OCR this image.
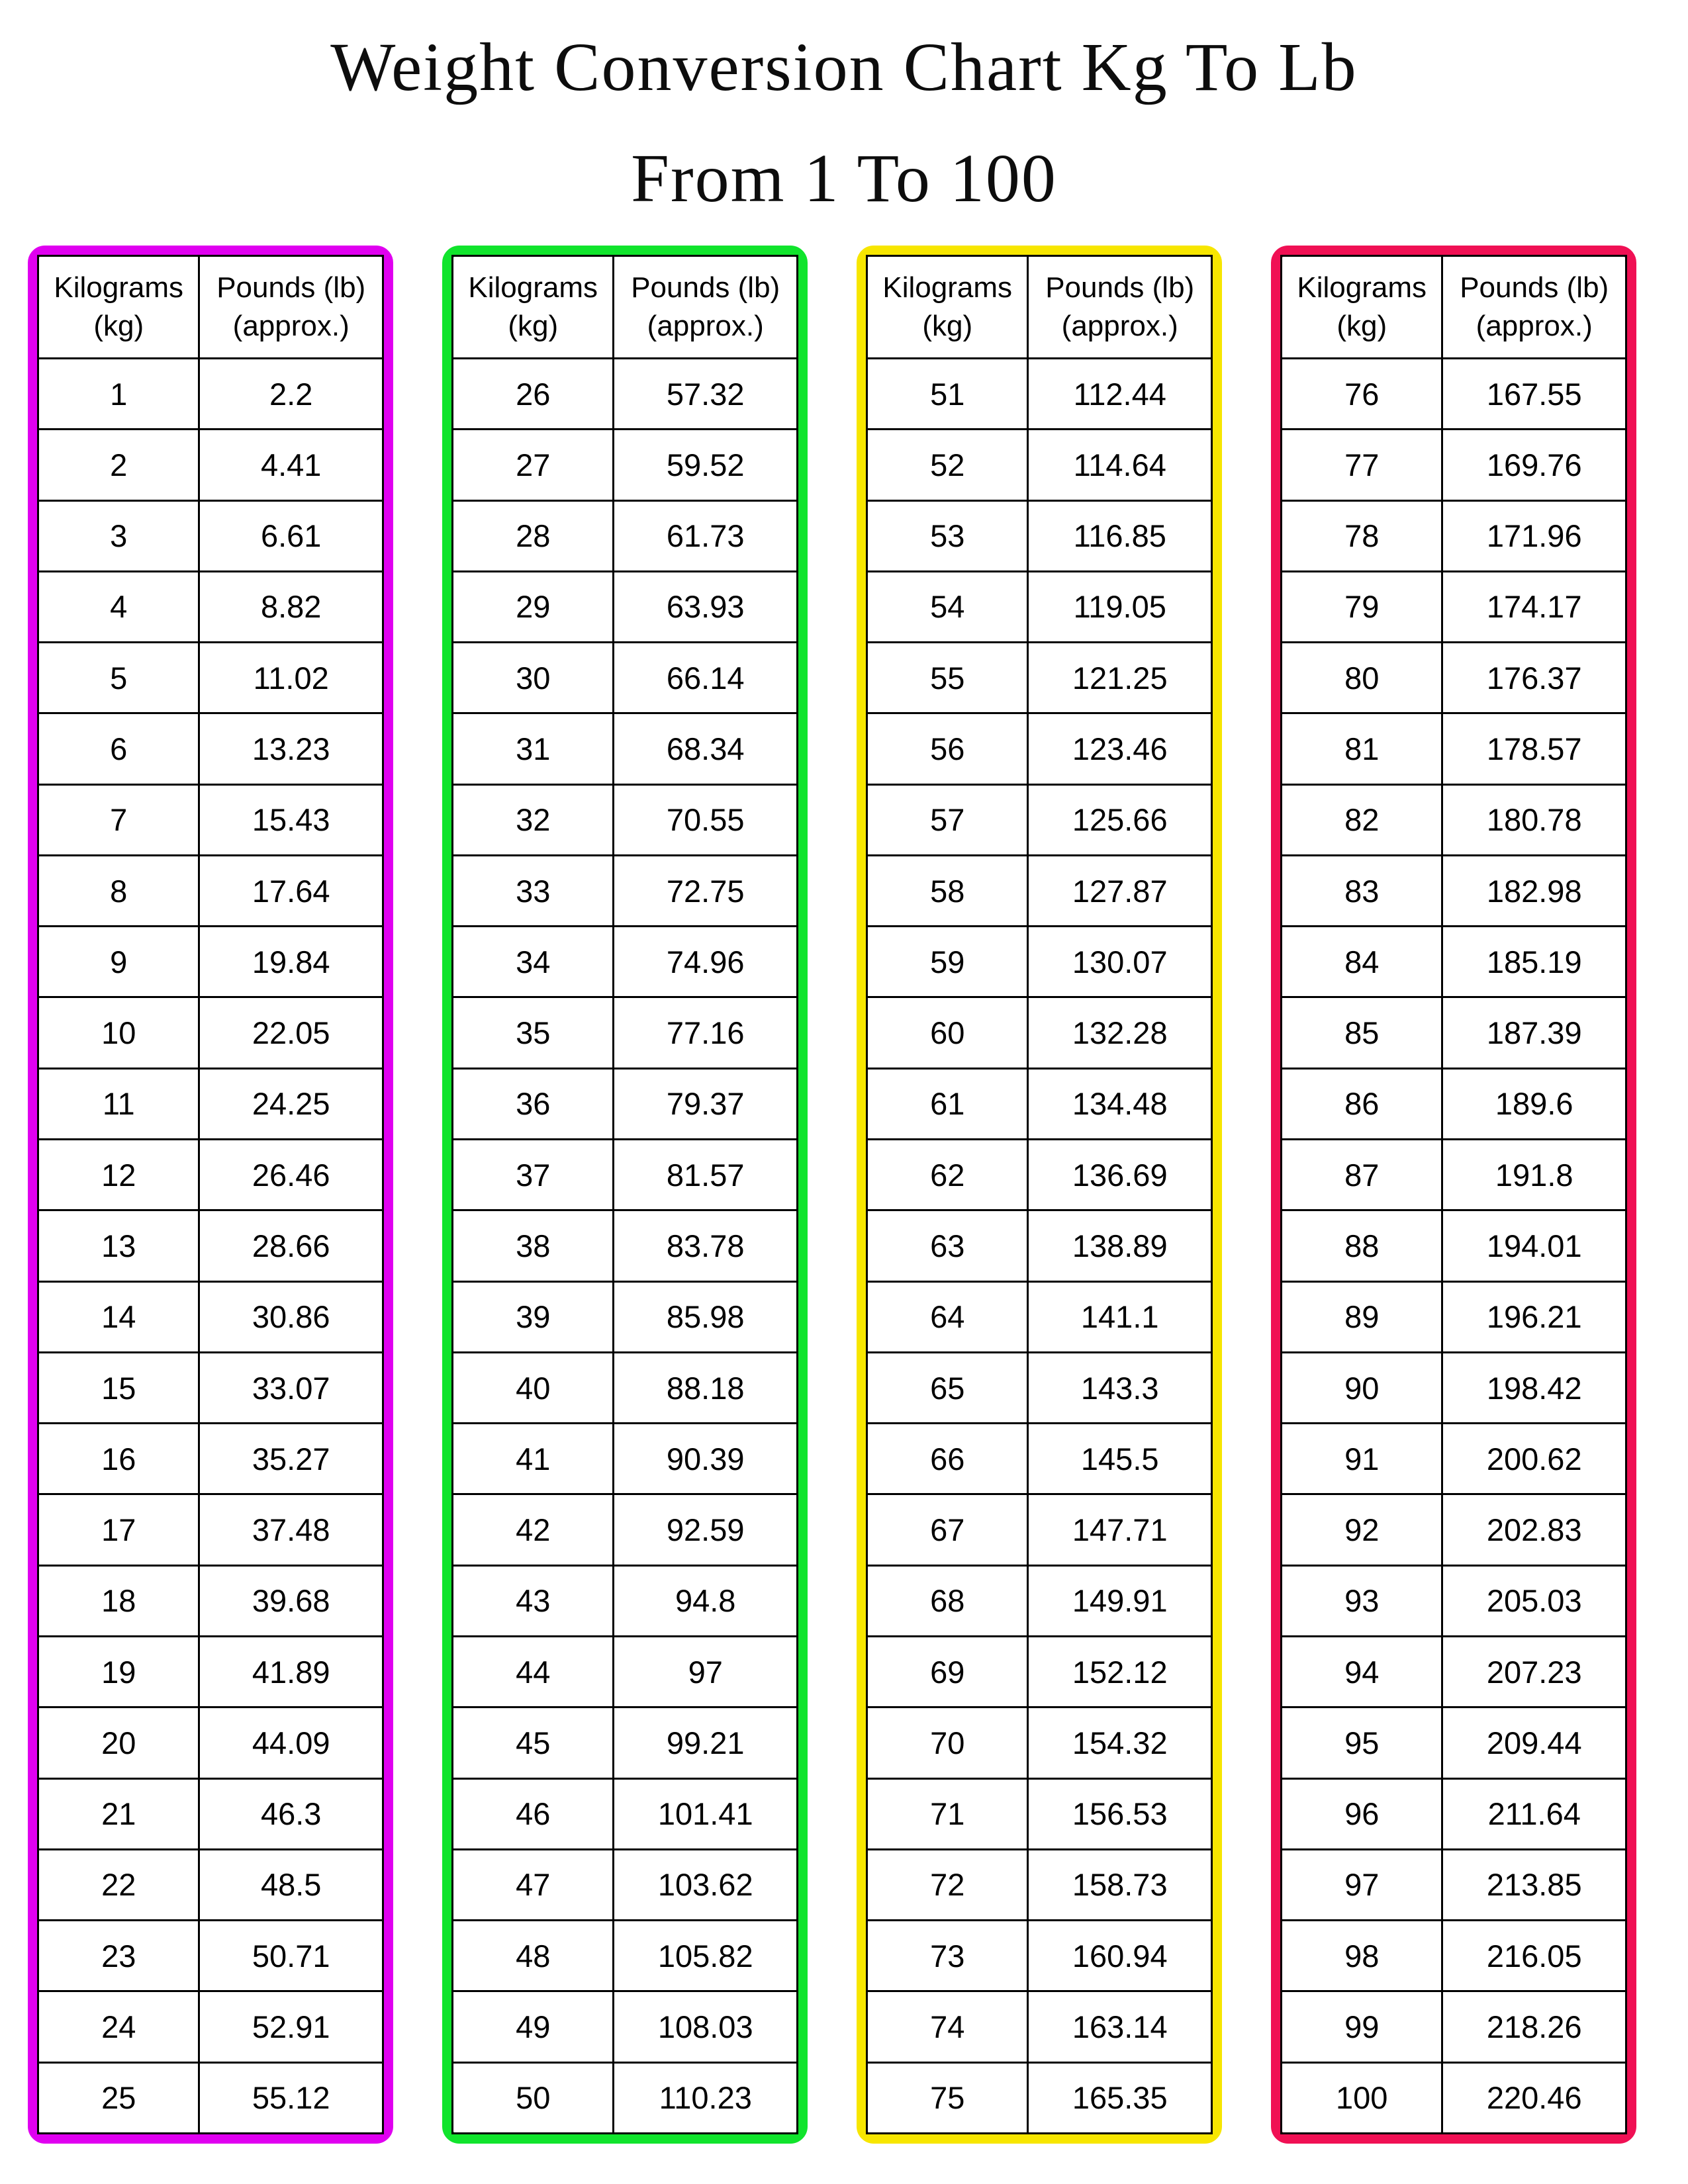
Weight Conversion Chart Kg To Lb
From 1 To 100
Kilograms
(kg)
Pounds (lb)
(approx.)
1	2.2
2	4.41
3	6.61
4	8.82
5	11.02
6	13.23
7	15.43
8	17.64
9	19.84
10	22.05
11	24.25
12	26.46
13	28.66
14	30.86
15	33.07
16	35.27
17	37.48
18	39.68
19	41.89
20	44.09
21	46.3
22	48.5
23	50.71
24	52.91
25	55.12
Kilograms
(kg)
Pounds (lb)
(approx.)
26	57.32
27	59.52
28	61.73
29	63.93
30	66.14
31	68.34
32	70.55
33	72.75
34	74.96
35	77.16
36	79.37
37	81.57
38	83.78
39	85.98
40	88.18
41	90.39
42	92.59
43	94.8
44	97
45	99.21
46	101.41
47	103.62
48	105.82
49	108.03
50	110.23
Kilograms
(kg)
Pounds (lb)
(approx.)
51	112.44
52	114.64
53	116.85
54	119.05
55	121.25
56	123.46
57	125.66
58	127.87
59	130.07
60	132.28
61	134.48
62	136.69
63	138.89
64	141.1
65	143.3
66	145.5
67	147.71
68	149.91
69	152.12
70	154.32
71	156.53
72	158.73
73	160.94
74	163.14
75	165.35
Kilograms
(kg)
Pounds (lb)
(approx.)
76	167.55
77	169.76
78	171.96
79	174.17
80	176.37
81	178.57
82	180.78
83	182.98
84	185.19
85	187.39
86	189.6
87	191.8
88	194.01
89	196.21
90	198.42
91	200.62
92	202.83
93	205.03
94	207.23
95	209.44
96	211.64
97	213.85
98	216.05
99	218.26
100	220.46
